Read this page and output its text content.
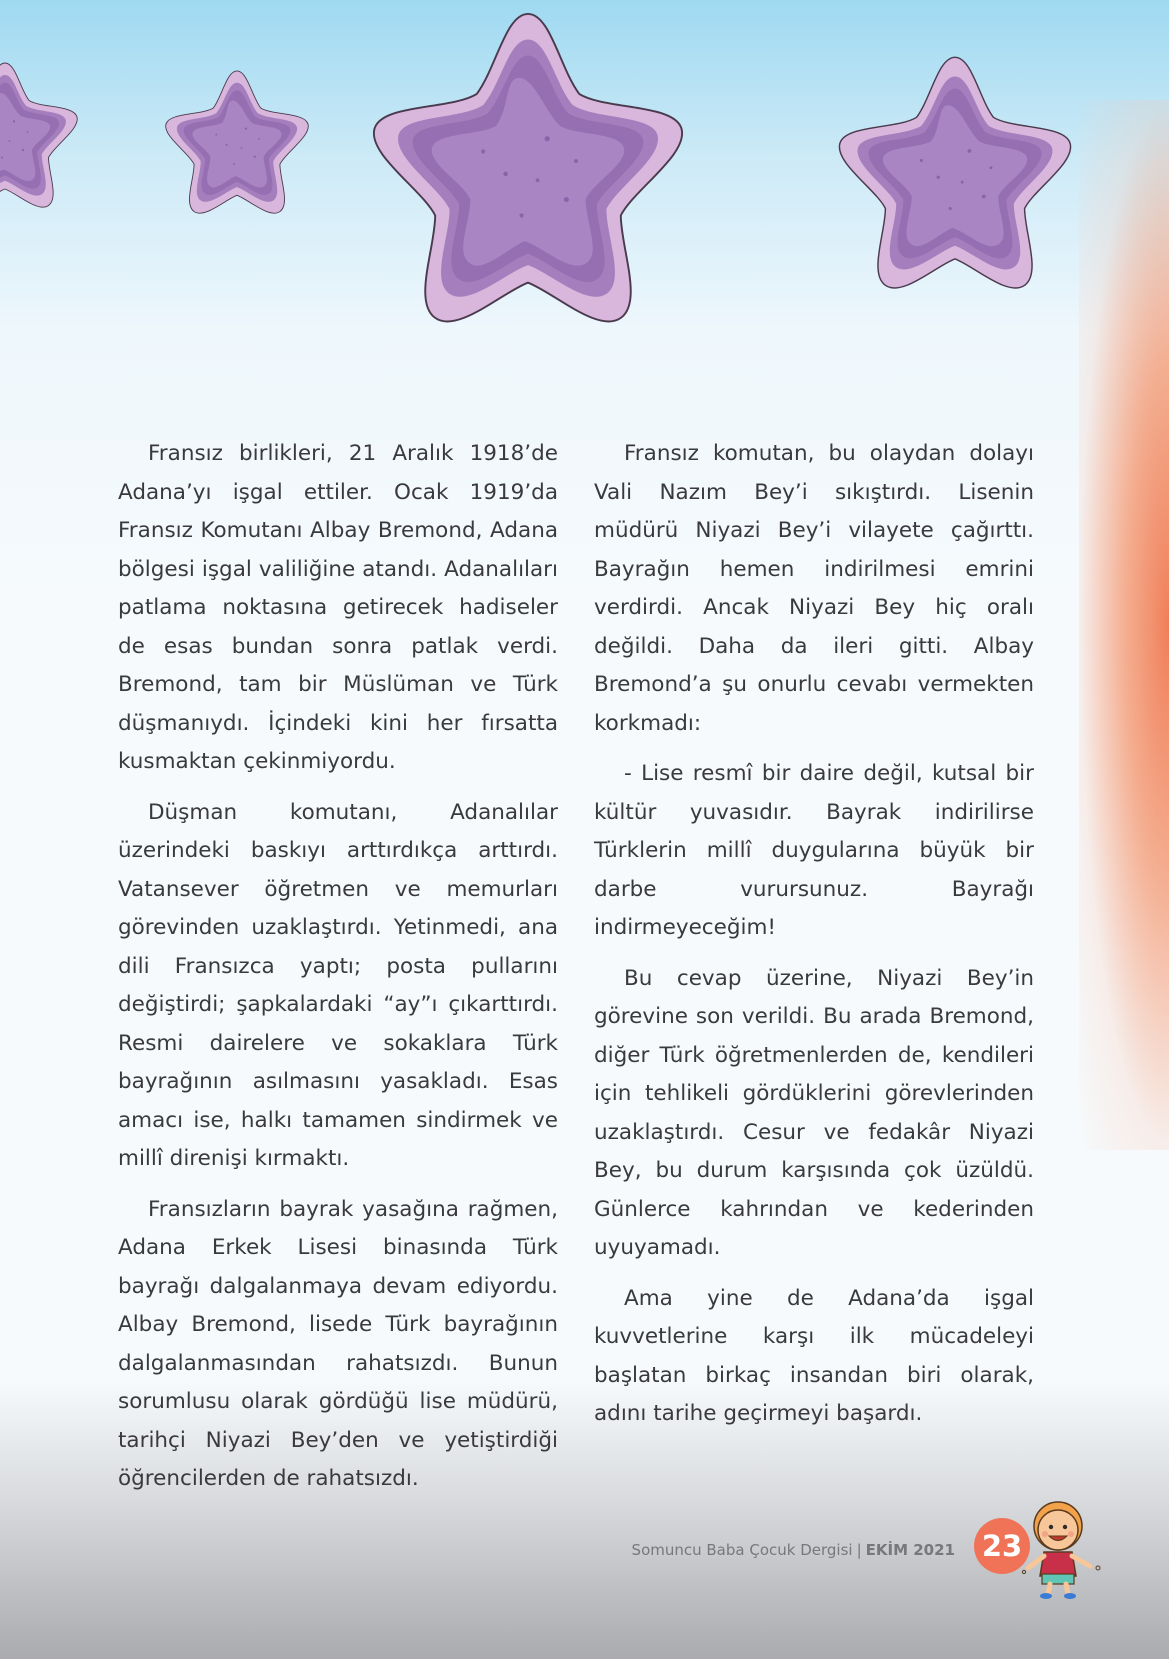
Fransız birlikleri, 21 Aralık 1918’de Adana’yı işgal ettiler. Ocak 1919’da Fransız Komutanı Albay Bremond, Adana bölgesi işgal valiliğine atandı. Adanalıları patlama noktasına getirecek hadiseler de esas bundan sonra patlak verdi. Bremond, tam bir Müslüman ve Türk düşmanıydı. İçindeki kini her fırsatta kusmaktan çekinmiyordu.

Düşman komutanı, Adanalılar üzerindeki baskıyı arttırdıkça arttırdı. Vatansever öğretmen ve memurları görevinden uzaklaştırdı. Yetinmedi, ana dili Fransızca yaptı; posta pullarını değiştirdi; şapkalardaki “ay”ı çıkarttırdı. Resmi dairelere ve sokaklara Türk bayrağının asılmasını yasakladı. Esas amacı ise, halkı tamamen sindirmek ve millî direnişi kırmaktı.

Fransızların bayrak yasağına rağmen, Adana Erkek Lisesi binasında Türk bayrağı dalgalanmaya devam ediyordu. Albay Bremond, lisede Türk bayrağının dalgalanmasından rahatsızdı. Bunun sorumlusu olarak gördüğü lise müdürü, tarihçi Niyazi Bey’den ve yetiştirdiği öğrencilerden de rahatsızdı.

Fransız komutan, bu olaydan dolayı Vali Nazım Bey’i sıkıştırdı. Lisenin müdürü Niyazi Bey’i vilayete çağırttı. Bayrağın hemen indirilmesi emrini verdirdi. Ancak Niyazi Bey hiç oralı değildi. Daha da ileri gitti. Albay Bremond’a şu onurlu cevabı vermekten korkmadı:

- Lise resmî bir daire değil, kutsal bir kültür yuvasıdır. Bayrak indirilirse Türklerin millî duygularına büyük bir darbe vurursunuz. Bayrağı indirmeyeceğim!

Bu cevap üzerine, Niyazi Bey’in görevine son verildi. Bu arada Bremond, diğer Türk öğretmenlerden de, kendileri için tehlikeli gördüklerini görevlerinden uzaklaştırdı. Cesur ve fedakâr Niyazi Bey, bu durum karşısında çok üzüldü. Günlerce kahrından ve kederinden uyuyamadı.

Ama yine de Adana’da işgal kuvvetlerine karşı ilk mücadeleyi başlatan birkaç insandan biri olarak, adını tarihe geçirmeyi başardı.

Somuncu Baba Çocuk Dergisi | EKİM 2021 23
